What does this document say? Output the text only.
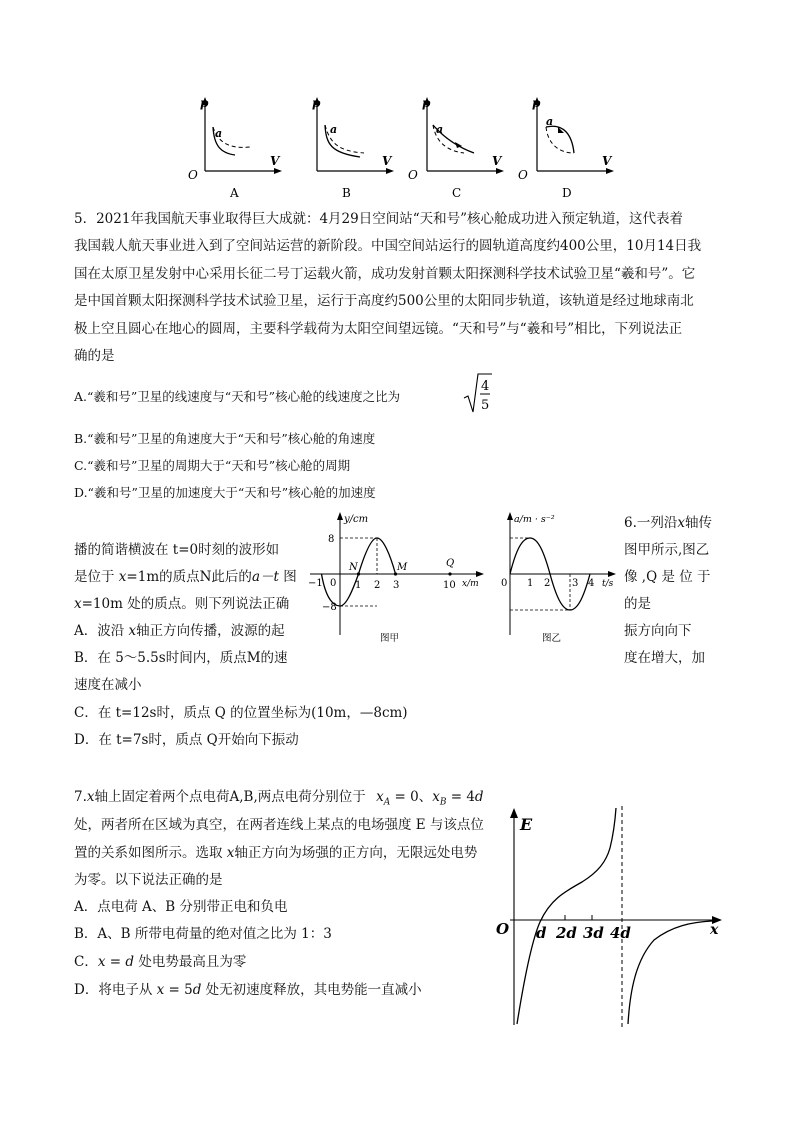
p
V
O
a
A
p
V
a
B
p
V
O
a
C
p
V
O
a
D
5．2021年我国航天事业取得巨大成就：4月29日空间站“天和号”核心舱成功进入预定轨道，这代表着
我国载人航天事业进入到了空间站运营的新阶段。中国空间站运行的圆轨道高度约400公里，10月14日我
国在太原卫星发射中心采用长征二号丁运载火箭，成功发射首颗太阳探测科学技术试验卫星“羲和号”。它
是中国首颗太阳探测科学技术试验卫星，运行于高度约500公里的太阳同步轨道，该轨道是经过地球南北
极上空且圆心在地心的圆周，主要科学载荷为太阳空间望远镜。“天和号”与“羲和号”相比，下列说法正
确的是
A.“羲和号”卫星的线速度与“天和号”核心舱的线速度之比为
4
5
B.“羲和号”卫星的角速度大于“天和号”核心舱的角速度
C.“羲和号”卫星的周期大于“天和号”核心舱的周期
D.“羲和号”卫星的加速度大于“天和号”核心舱的加速度
6.一列沿x轴传
图甲所示,图乙
像 ,Q 是 位 于
的是
振方向向下
度在增大，加
播的简谐横波在 t=0时刻的波形如
是位于 x=1m的质点N此后的a－t 图
x=10m 处的质点。则下列说法正确
A．波沿 x轴正方向传播，波源的起
B．在 5～5.5s时间内，质点M的速
速度在减小
C．在 t=12s时，质点 Q 的位置坐标为(10m，—8cm)
D．在 t=7s时，质点 Q开始向下振动
y/cm
x/m
8
−8
−1 0 1 2 3	10
N	M	Q
图甲
a/m · s⁻²
t/s
0 1 2 3 4
图乙
7.x轴上固定着两个点电荷A,B,两点电荷分别位于 $x_A = 0$、$x_B = 4d$
处，两者所在区域为真空，在两者连线上某点的电场强度 E 与该点位
置的关系如图所示。选取 x轴正方向为场强的正方向，无限远处电势
为零。以下说法正确的是
A．点电荷 A、B 分别带正电和负电
B．A、B 所带电荷量的绝对值之比为 1：3
C．x = d 处电势最高且为零
D．将电子从 x = 5d 处无初速度释放，其电势能一直减小
E
x
O d 2d 3d 4d
